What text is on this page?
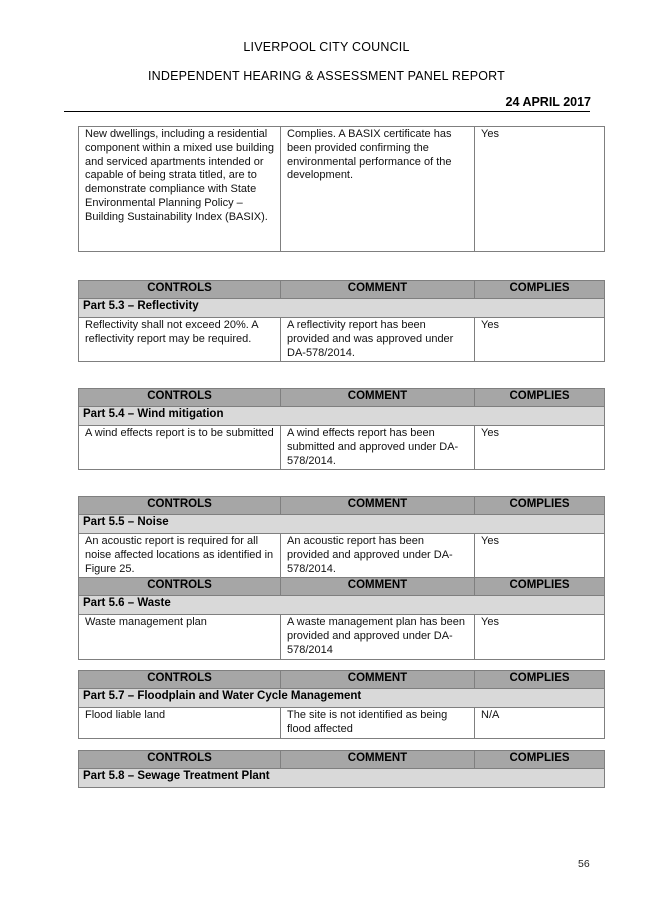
LIVERPOOL CITY COUNCIL
INDEPENDENT HEARING & ASSESSMENT PANEL REPORT
24 APRIL 2017
New dwellings, including a residential component within a mixed use building and serviced apartments intended or capable of being strata titled, are to demonstrate compliance with State Environmental Planning Policy – Building Sustainability Index (BASIX).	Complies. A BASIX certificate has been provided confirming the environmental performance of the development.	Yes
CONTROLS	COMMENT	COMPLIES
Part 5.3 – Reflectivity		
Reflectivity shall not exceed 20%. A reflectivity report may be required.	A reflectivity report has been provided and was approved under DA-578/2014.	Yes
CONTROLS	COMMENT	COMPLIES
Part 5.4 – Wind mitigation		
A wind effects report is to be submitted	A wind effects report has been submitted and approved under DA-578/2014.	Yes
CONTROLS	COMMENT	COMPLIES
Part 5.5 – Noise		
An acoustic report is required for all noise affected locations as identified in Figure 25.	An acoustic report has been provided and approved under DA-578/2014.	Yes
CONTROLS	COMMENT	COMPLIES
Part 5.6 – Waste		
Waste management plan	A waste management plan has been provided and approved under DA-578/2014	Yes
CONTROLS	COMMENT	COMPLIES
Part 5.7 – Floodplain and Water Cycle Management		
Flood liable land	The site is not identified as being flood affected	N/A
CONTROLS	COMMENT	COMPLIES
Part 5.8 – Sewage Treatment Plant
56
